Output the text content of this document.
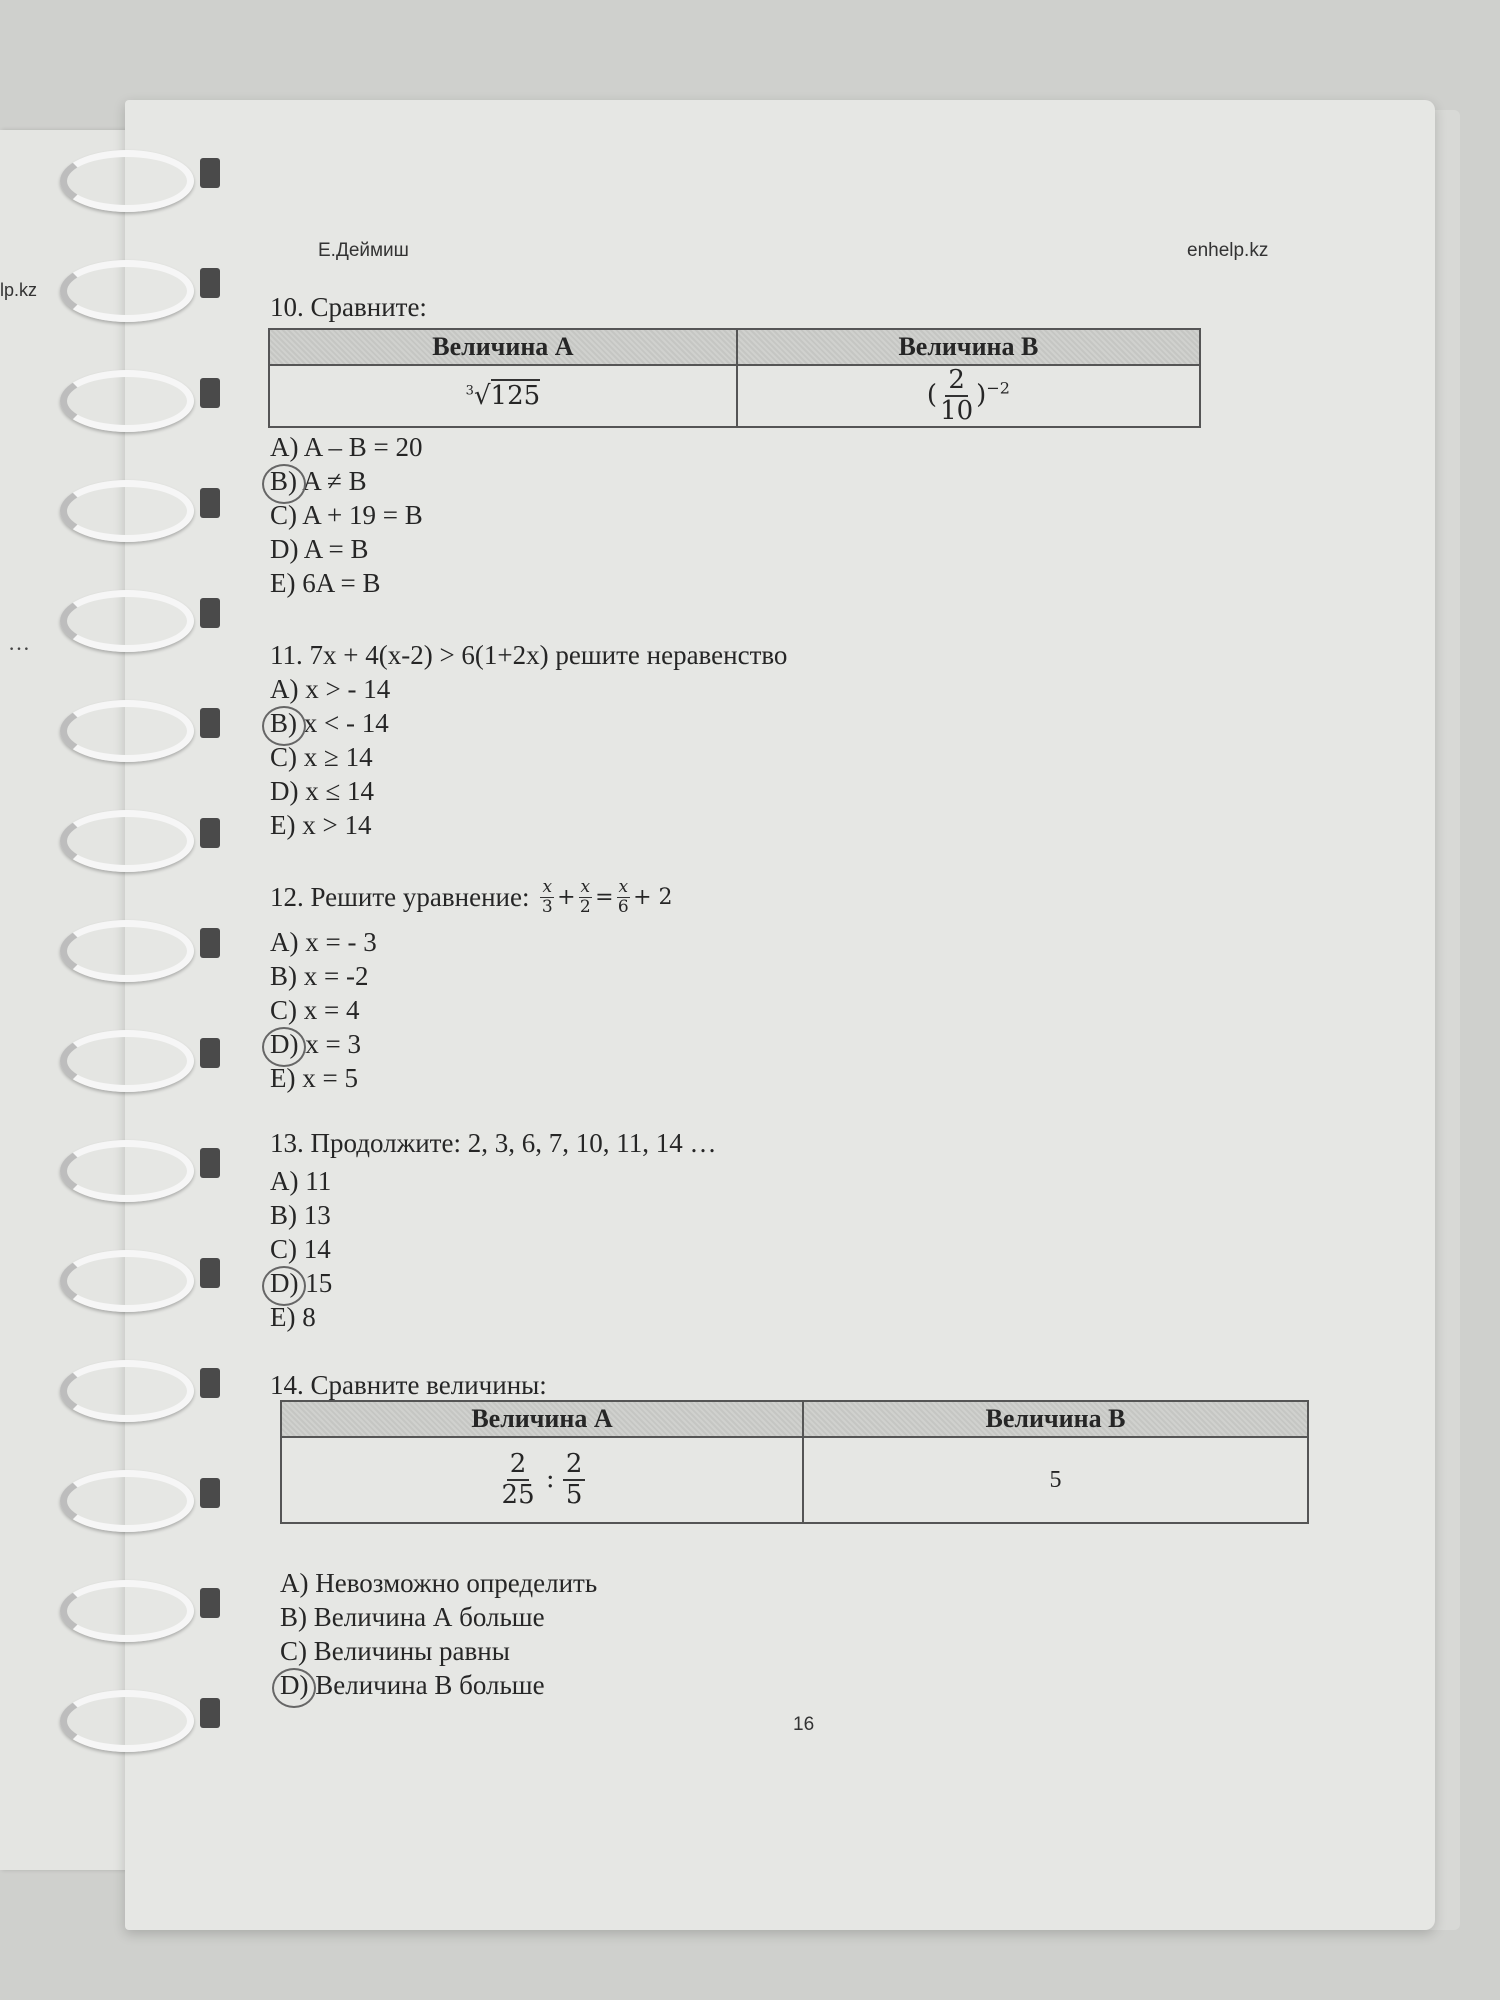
lp.kz
…
Е.Деймиш	enhelp.kz
10. Сравните:
Величина А	Величина В
$^3$√125	( $\frac{2}{10} )^{-2}$
A) A – B = 20
B) A ≠ B
C) A + 19 = B
D) A = B
E) 6A = B
11. 7x + 4(x-2) > 6(1+2x) решите неравенство
A) x > - 14
B) x < - 14
C) x ≥ 14
D) x ≤ 14
E) x > 14
12. Решите уравнение: $\frac{x}{3} + \frac{x}{2} = \frac{x}{6} + 2$
A) x = - 3
B) x = -2
C) x = 4
D) x = 3
E) x = 5
13. Продолжите: 2, 3, 6, 7, 10, 11, 14 …
A) 11
B) 13
C) 14
D) 15
E) 8
14. Сравните величины:
Величина А	Величина В

$\frac{2}{25}$ : $\frac{2}{5}$	5
A) Невозможно определить
B) Величина А больше
C) Величины равны
D) Величина В больше
16
